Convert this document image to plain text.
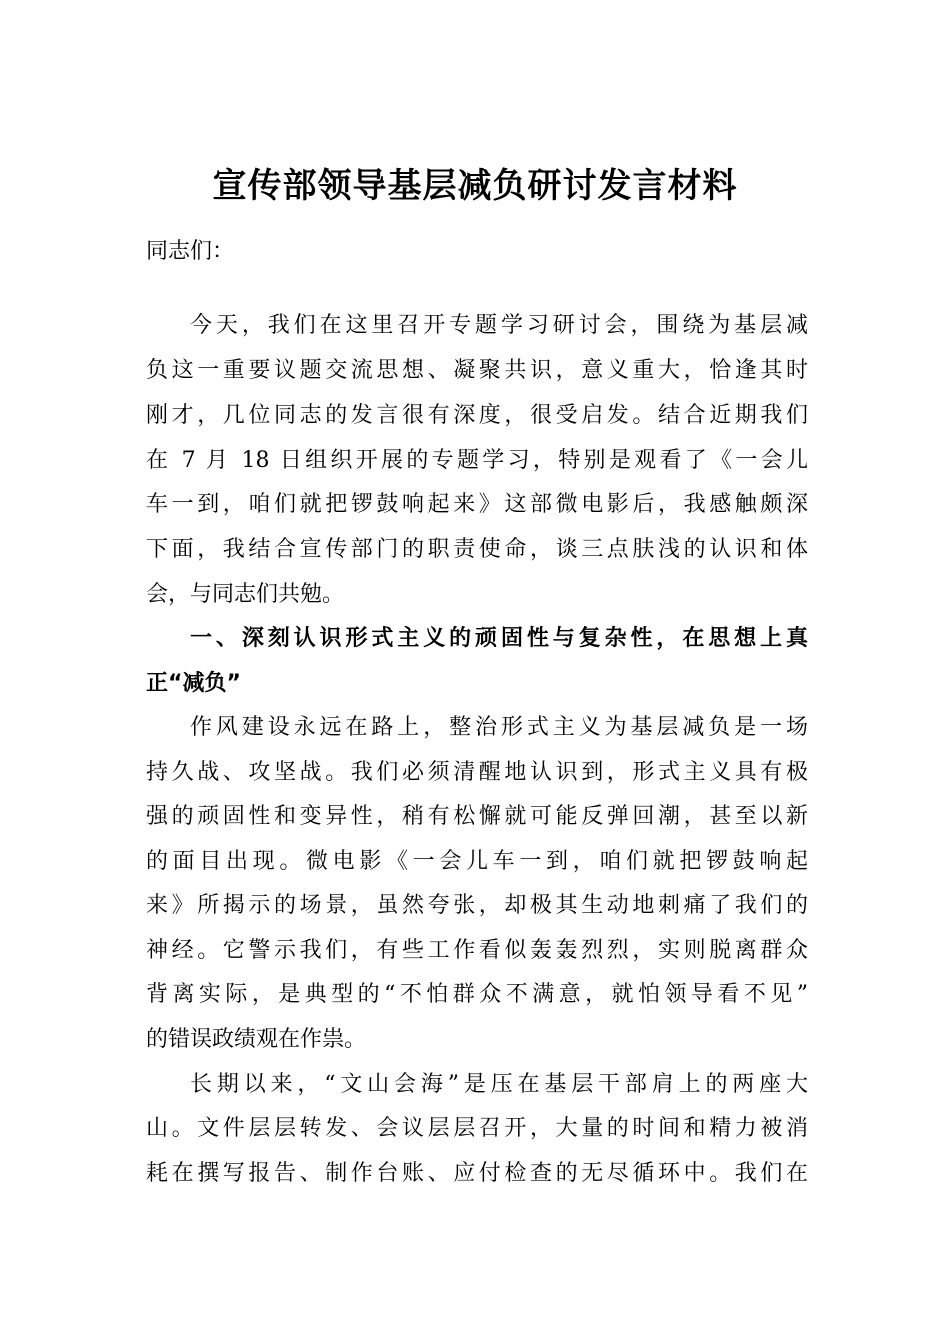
宣传部领导基层减负研讨发言材料
同志们：
今天，我们在这里召开专题学习研讨会，围绕为基层减
负这一重要议题交流思想、凝聚共识，意义重大，恰逢其时
刚才，几位同志的发言很有深度，很受启发。结合近期我们
在 7 月 18 日组织开展的专题学习，特别是观看了《一会儿
车一到，咱们就把锣鼓响起来》这部微电影后，我感触颇深
下面，我结合宣传部门的职责使命，谈三点肤浅的认识和体
会，与同志们共勉。
一、深刻认识形式主义的顽固性与复杂性，在思想上真
正“减负”
作风建设永远在路上，整治形式主义为基层减负是一场
持久战、攻坚战。我们必须清醒地认识到，形式主义具有极
强的顽固性和变异性，稍有松懈就可能反弹回潮，甚至以新
的面目出现。微电影《一会儿车一到，咱们就把锣鼓响起
来》所揭示的场景，虽然夸张，却极其生动地刺痛了我们的
神经。它警示我们，有些工作看似轰轰烈烈，实则脱离群众
背离实际，是典型的“不怕群众不满意，就怕领导看不见”
的错误政绩观在作祟。
长期以来，“文山会海”是压在基层干部肩上的两座大
山。文件层层转发、会议层层召开，大量的时间和精力被消
耗在撰写报告、制作台账、应付检查的无尽循环中。我们在
